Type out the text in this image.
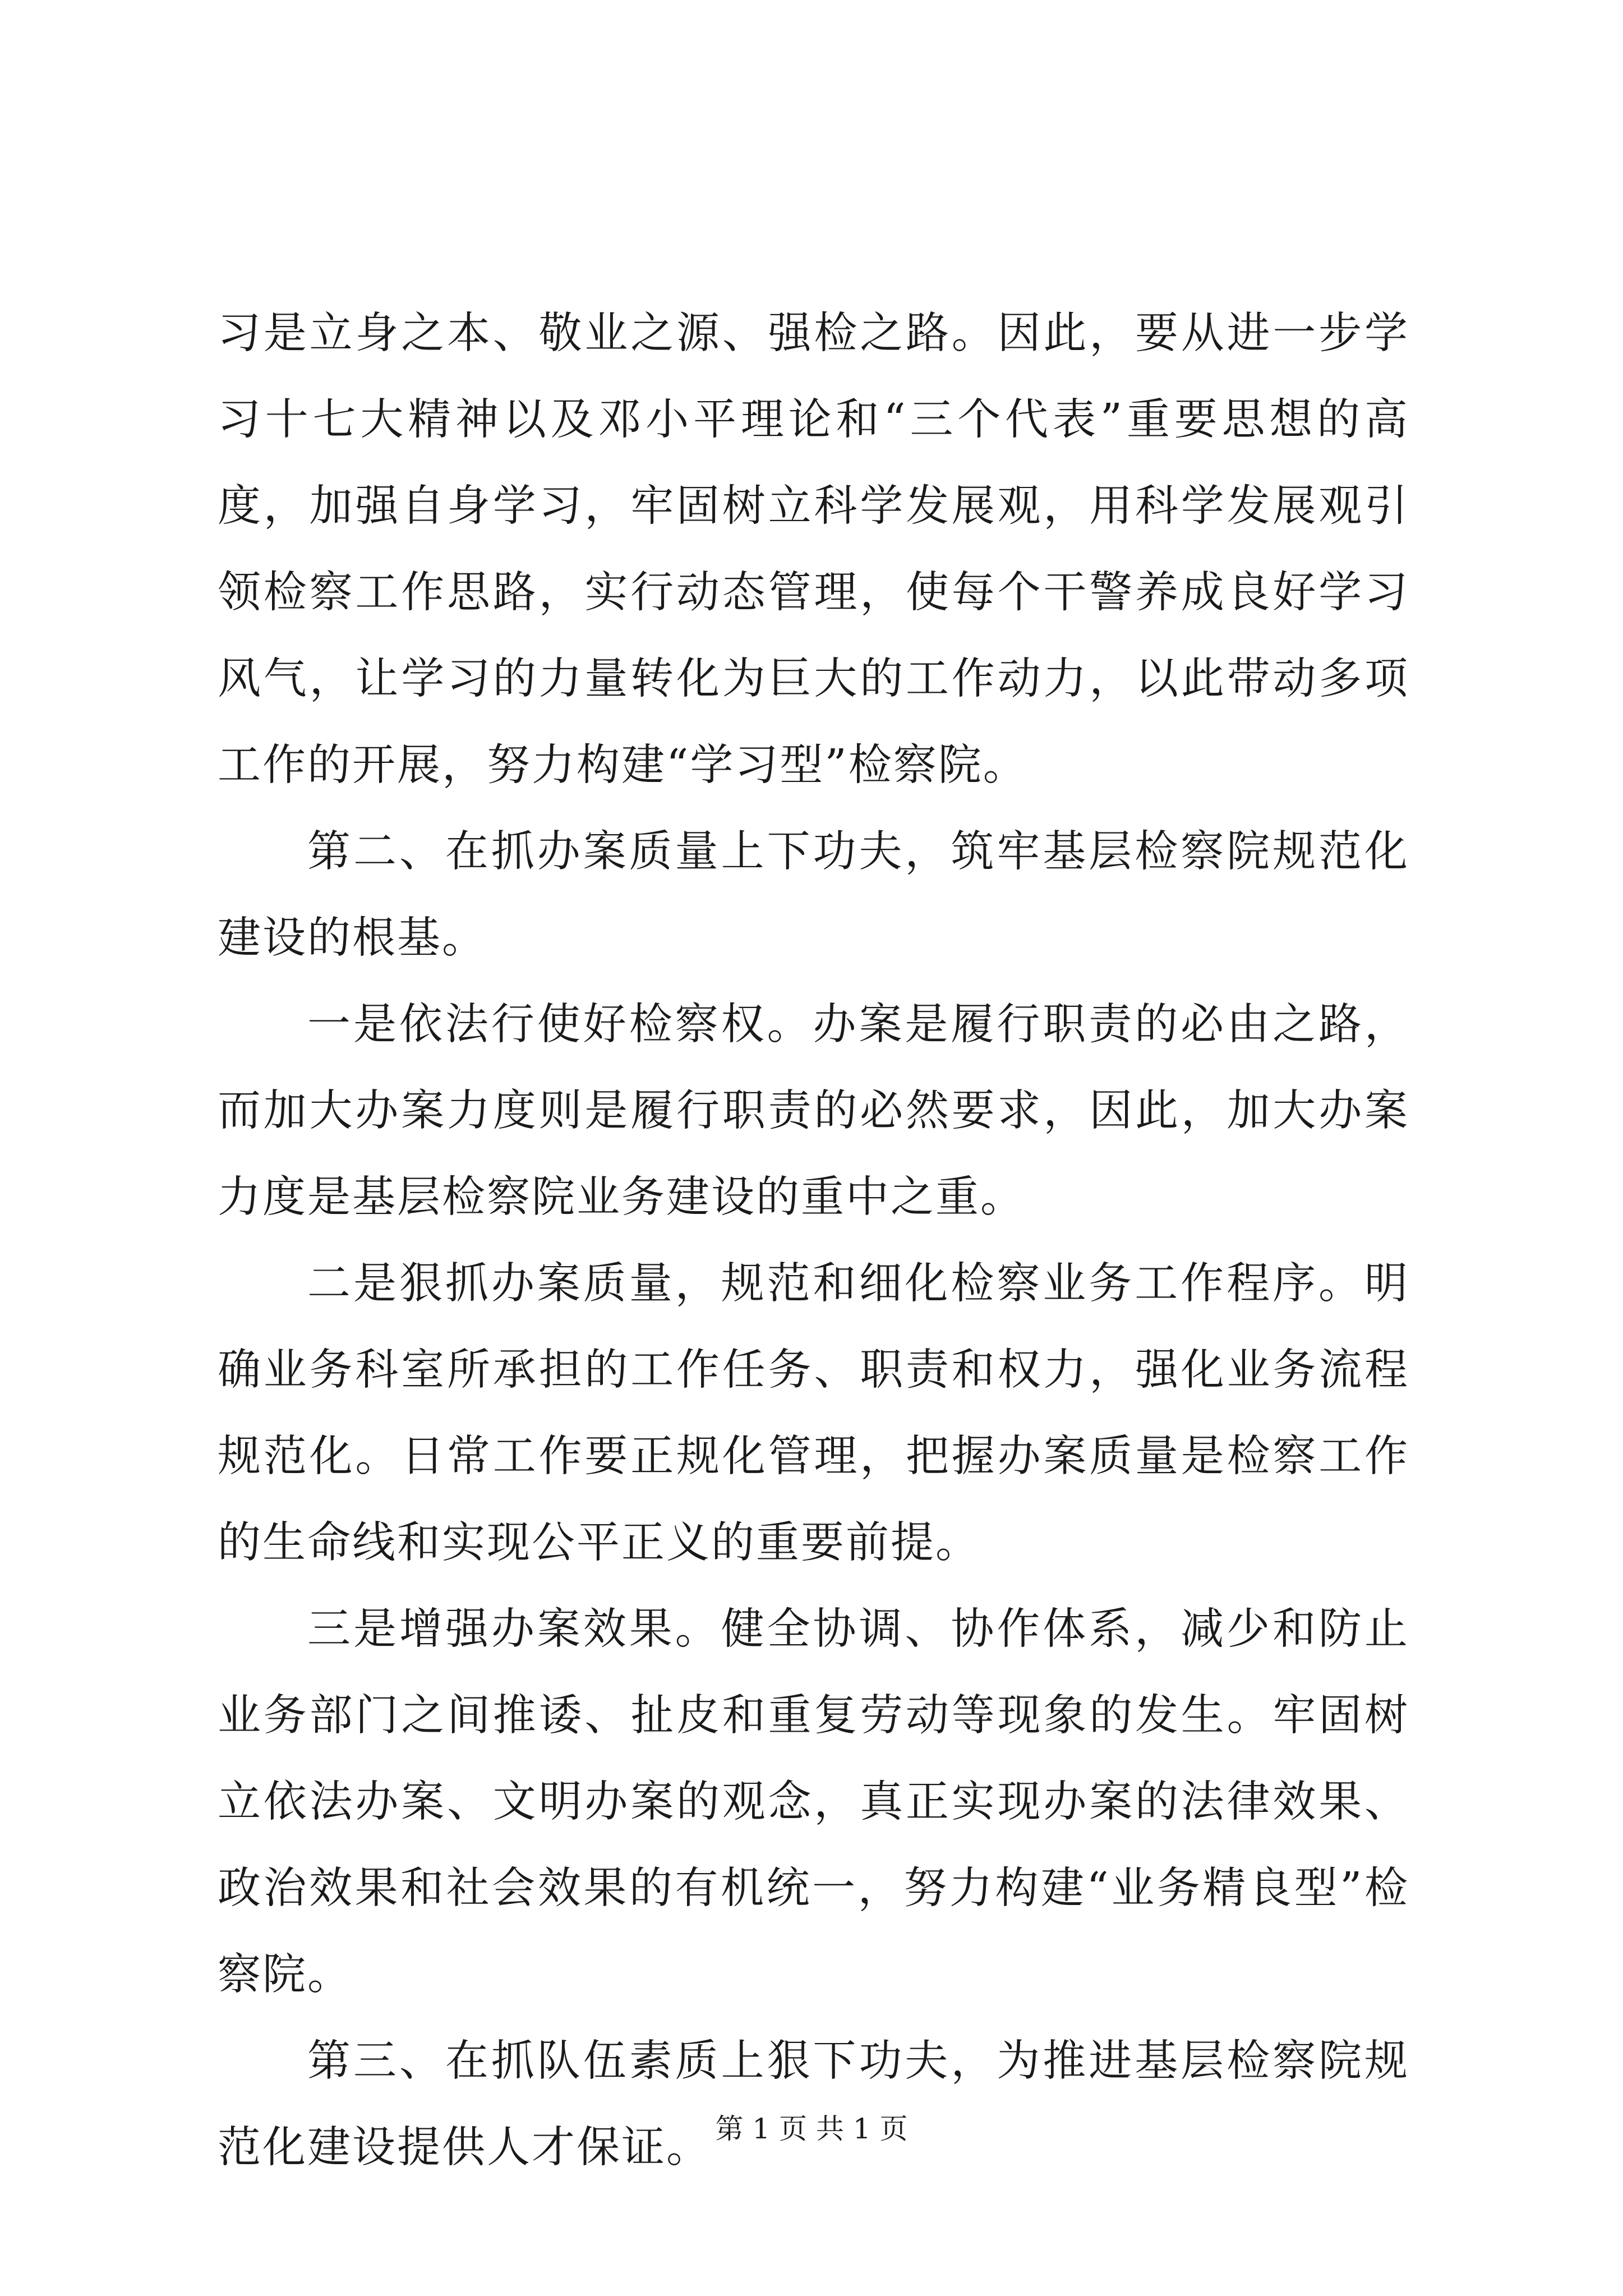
习是立身之本、敬业之源、强检之路。因此，要从进一步学习十七大精神以及邓小平理论和“三个代表”重要思想的高度，加强自身学习，牢固树立科学发展观，用科学发展观引领检察工作思路，实行动态管理，使每个干警养成良好学习风气，让学习的力量转化为巨大的工作动力，以此带动多项工作的开展，努力构建“学习型”检察院。

第二、在抓办案质量上下功夫，筑牢基层检察院规范化建设的根基。

一是依法行使好检察权。办案是履行职责的必由之路，而加大办案力度则是履行职责的必然要求，因此，加大办案力度是基层检察院业务建设的重中之重。

二是狠抓办案质量，规范和细化检察业务工作程序。明确业务科室所承担的工作任务、职责和权力，强化业务流程规范化。日常工作要正规化管理，把握办案质量是检察工作的生命线和实现公平正义的重要前提。

三是增强办案效果。健全协调、协作体系，减少和防止业务部门之间推诿、扯皮和重复劳动等现象的发生。牢固树立依法办案、文明办案的观念，真正实现办案的法律效果、政治效果和社会效果的有机统一，努力构建“业务精良型”检察院。

第三、在抓队伍素质上狠下功夫，为推进基层检察院规范化建设提供人才保证。 第 1 页 共 1 页
